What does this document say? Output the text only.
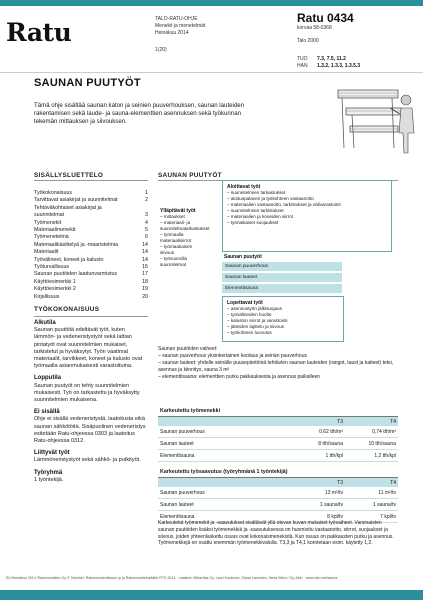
Ratu	TALO-RATU-OHJE
Menekit ja menetelmät
Heinäkuu 2014
1(20)
Ratu 0434
korvaa 58-0368
Talo 2000
TUO 7.3, 7.5, 11.2
HAN 1.3.2, 1.3.3, 1.3.5.3
SAUNAN PUUTYÖT
Tämä ohje sisältää saunan katon ja seinien puuverhouksen, saunan lauteiden rakentamisen sekä laude- ja sauna-elementtien asennuksen sekä työkunnan tekemän mittauksen ja siivouksen.
SISÄLLYSLUETTELO
Työkokonaisuus	1
Tarvittavat asiakirjat ja suunnitelmat	2
Tehtäväkohtaiset asiakirjat ja
suunnitelmat	3
Työmenekit	4
Materiaalimenekit	5
Työmenetelmä	6
Materiaalikäsittelyä ja -maaristelmia	14
Materiaalit	14
Työvälineet, koneet ja kalusto	14
Työturvallisuus	15
Saunan puutöiden laadunvarmistus	17
Käyttöesimerkki 1	18
Käyttöesimerkki 2	19
Kirjallisuus	20
TYÖKOKONAISUUS
Alkutila

Saunan puutöitä edeltävät työt, kuten lämmön- ja vedeneristystyöt sekä lattian pintatyöt ovat suunnitelmien mukaiset, tarkistetut ja hyväksytyt. Työn vaatimat materiaalit, tarvikkeet, koneet ja kalusto ovat työmaalla asianmukaisesti varastoituina.

Lopputila

Saunan puutyöt on tehty suunnitelmien mukaisesti. Työ on tarkastettu ja hyväksytty suunnitelmien mukaisena.

Ei sisällä

Ohje ei sisällä vedeneristystä, laatoitusta eikä saunan sähkötöitä. Sisäpuolinen vedeneristys esitetään Ratu-ohjeessa 0303 ja laatoitus Ratu-ohjeessa 0312.

Liittyvät työt

Lämmöneristystyöt sekä sähkö- ja putkityöt.

Työryhmä

1 työntekijä.

SAUNAN PUUTYÖT
Ylläpitävät työt
– mittaukset
– materiaali- ja suunnitelmatarkastukset
– työmaalla materiaalisiirrot
– työmaakaisen siivous
– työvuoroilla suunnitelmat
Aloittavat työt
– suunnitelmien tarkastukset
– aloituspalaveri ja työkohteen vastaanotto
– materiaalien vastaanotto, tarkistukset ja välivarastointi
– suunnitelmien tarkistukset
– materiaalien ja koneiden siirrot
– työnaikaiset suojaukset
Saunan puutyöt
Saunan puuverhous
Saunan lauteet
Elementtisauna
Lopettavat työt
– asennustyön jälkisuojaus
– työvälineiden huolto
– kaluston siirrot ja varastointi
– jätteiden lajittelu ja siivous
– työkohteen luovutus
Saunan puutöiden vaiheet:
– saunan puuverhous yksinkertainen koolaus ja seinän puuverhous
– saunan lauteet: yhdelle seinälle puusepäntöinä tehtävien saunan lauteiden (rangot, taust ja kaiteet) teko, asennus ja kiinnitys, sauna 3 m²
– elementtisauna: elementtien purku pakkauksesta ja asennus paikalleen
Karkeutettu työmenekki		
	T3	T4
Saunan puuverhous	0,62 tth/m²	0,74 tth/m²
Saunan lauteet	8 tth/sauna	10 tth/sauna
Elementtisauna	1 tth/kpl	1,2 tth/kpl
Karkeutettu työsaavutus (työryhmänä 1 työntekijä)		
	T3	T4
Saunan puuverhous	13 m²/tv	11 m²/tv
Saunan lauteet	1 sauna/tv	1 sauna/tv
Elementtisauna	8 kpl/tv	7 kpl/tv
Karkeutetut työmenekit ja -saavutukset sisältävät yllä olevan kuvan mukaiset työvaiheet. Varsinaisten saunan puutöiden lisäksi työmenekkiä ja -saavutuksessa on huomioitu vastaanotto, siirrot, suojaukset ja siivous, joiden yhteenlaskettu osuus ovat kokonaismenekistä. Kun osuus on pakkausten purku ja asennus. Työmenekkejä on osattu enemmän työmenekkivalulla. T3,3 ja T4,1 korotetaan esim. käytetty 1,2.
RL/Heinäkuu 2014 'Rakennustieto Oy © Tekniset, Rakennusteollisuus ry ja Rakennustietosäätiö RTS 2014 · Laatinut: Mittaviisa Oy, Lauri Koskinen, Oskar Lanninen, Nexa Wind / Oy, Aklo · www.ratu.net/sauna
